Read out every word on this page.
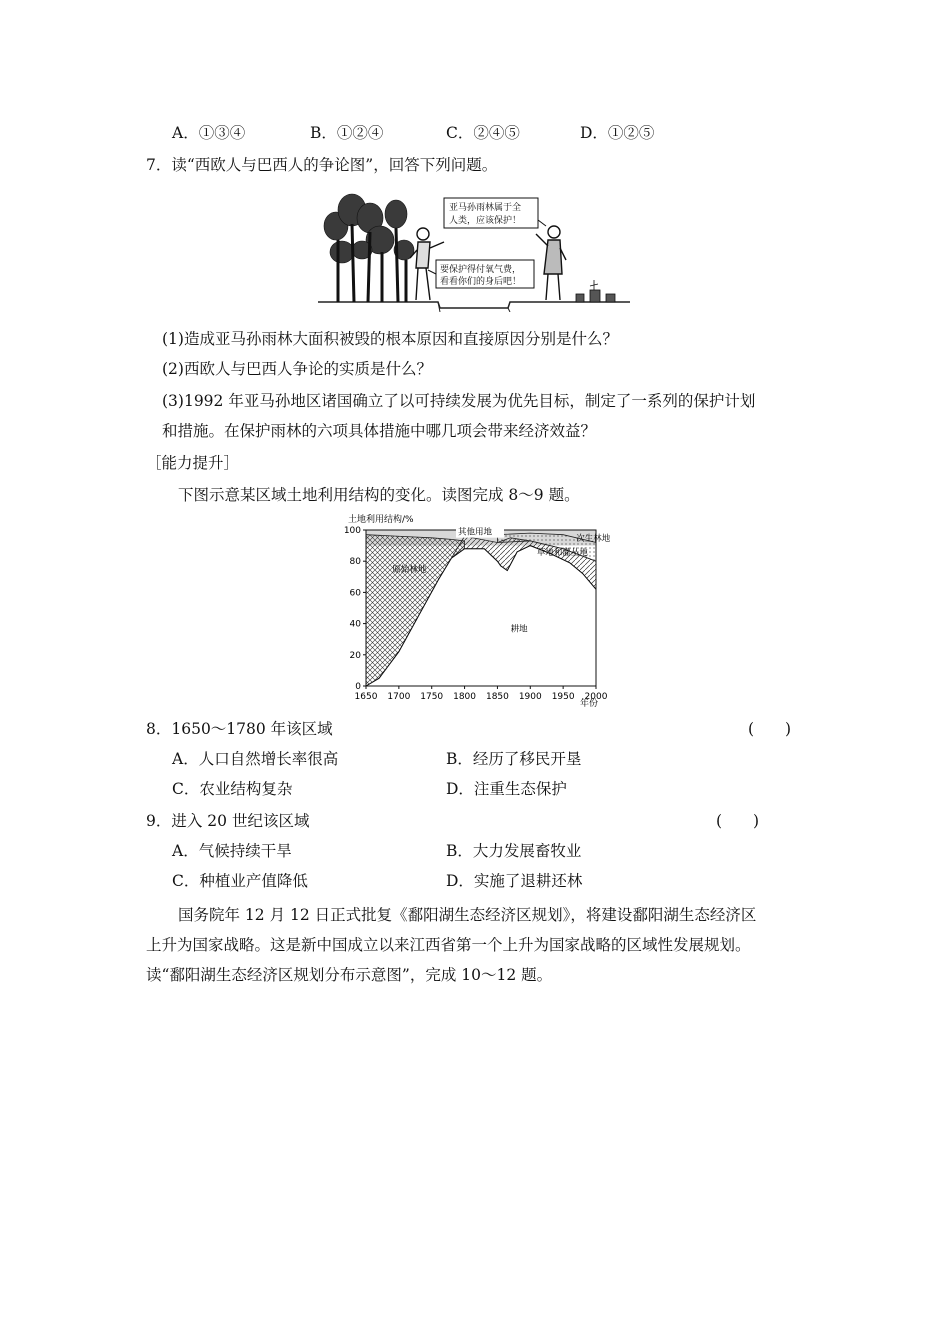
A．①③④	B．①②④	C．②④⑤	D．①②⑤
7．读“西欧人与巴西人的争论图”，回答下列问题。
亚马孙雨林属于全
人类，应该保护！
要保护得付氧气费，
看看你们的身后吧！
(1)造成亚马孙雨林大面积被毁的根本原因和直接原因分别是什么？
(2)西欧人与巴西人争论的实质是什么？
(3)1992 年亚马孙地区诸国确立了以可持续发展为优先目标，制定了一系列的保护计划
和措施。在保护雨林的六项具体措施中哪几项会带来经济效益？
［能力提升］
下图示意某区域土地利用结构的变化。读图完成 8～9 题。
土地利用结构/%
1650 1700 1750 1800 1850 1900 1950 2000
0
20
40
60
80
100
耕地
原始林地
草地和灌丛地
次生林地
其他用地
年份
8．1650～1780 年该区域	(　　)
A．人口自然增长率很高	B．经历了移民开垦
C．农业结构复杂	D．注重生态保护
9．进入 20 世纪该区域	(　　)
A．气候持续干旱	B．大力发展畜牧业
C．种植业产值降低	D．实施了退耕还林
国务院年 12 月 12 日正式批复《鄱阳湖生态经济区规划》，将建设鄱阳湖生态经济区
上升为国家战略。这是新中国成立以来江西省第一个上升为国家战略的区域性发展规划。
读“鄱阳湖生态经济区规划分布示意图”，完成 10～12 题。
